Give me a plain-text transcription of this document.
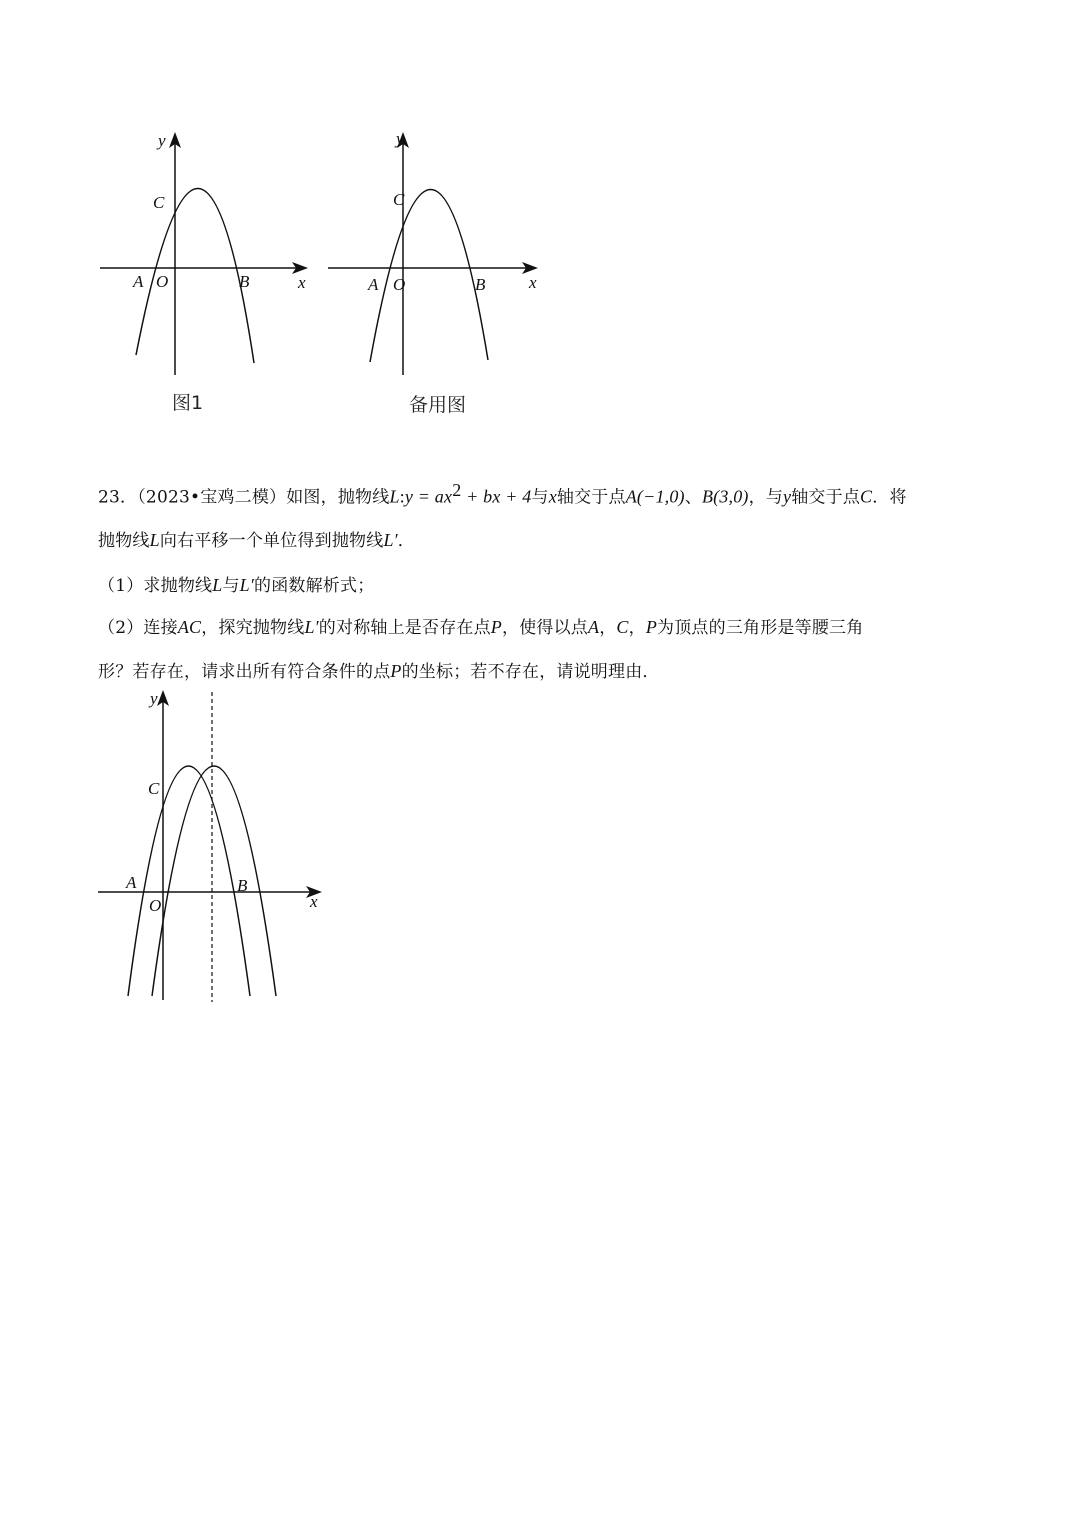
y
x
C
A O	B
图1
y
x
C
A O	B
备用图
23．（2023•宝鸡二模）如图，抛物线L:y = $ax^2$ + bx + 4与x轴交于点A(−1,0)、B(3,0)，与y轴交于点C．将
抛物线L向右平移一个单位得到抛物线L′．
（1）求抛物线L与L′的函数解析式；
（2）连接AC，探究抛物线L′的对称轴上是否存在点P，使得以点A，C，P为顶点的三角形是等腰三角
形？若存在，请求出所有符合条件的点P的坐标；若不存在，请说明理由．
y
x
C
A
O
B
